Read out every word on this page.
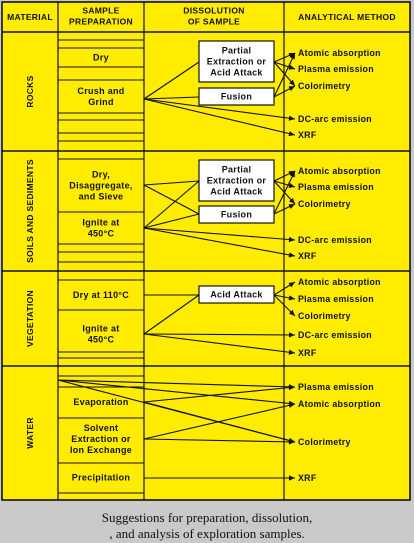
MATERIAL
SAMPLE
PREPARATION
DISSOLUTION
OF SAMPLE	ANALYTICAL METHOD
ROCKS
SOILS AND SEDIMENTS
VEGETATION
WATER
Dry
Crush and
Grind
Dry,
Disaggregate,
and Sieve
Ignite at
450°C
Dry at 110°C
Ignite at
450°C
Evaporation
Solvent
Extraction or
Ion Exchange
Precipitation
Partial
Extraction or
Acid Attack
Fusion
Partial
Extraction or
Acid Attack
Fusion
Acid Attack
Atomic absorption
Plasma emission
Colorimetry
DC-arc emission
XRF
Atomic absorption
Plasma emission
Colorimetry
DC-arc emission
XRF
Atomic absorption
Plasma emission
Colorimetry
DC-arc emission
XRF
Plasma emission
Atomic absorption
Colorimetry
XRF
Suggestions for preparation, dissolution,
, and analysis of exploration samples.
